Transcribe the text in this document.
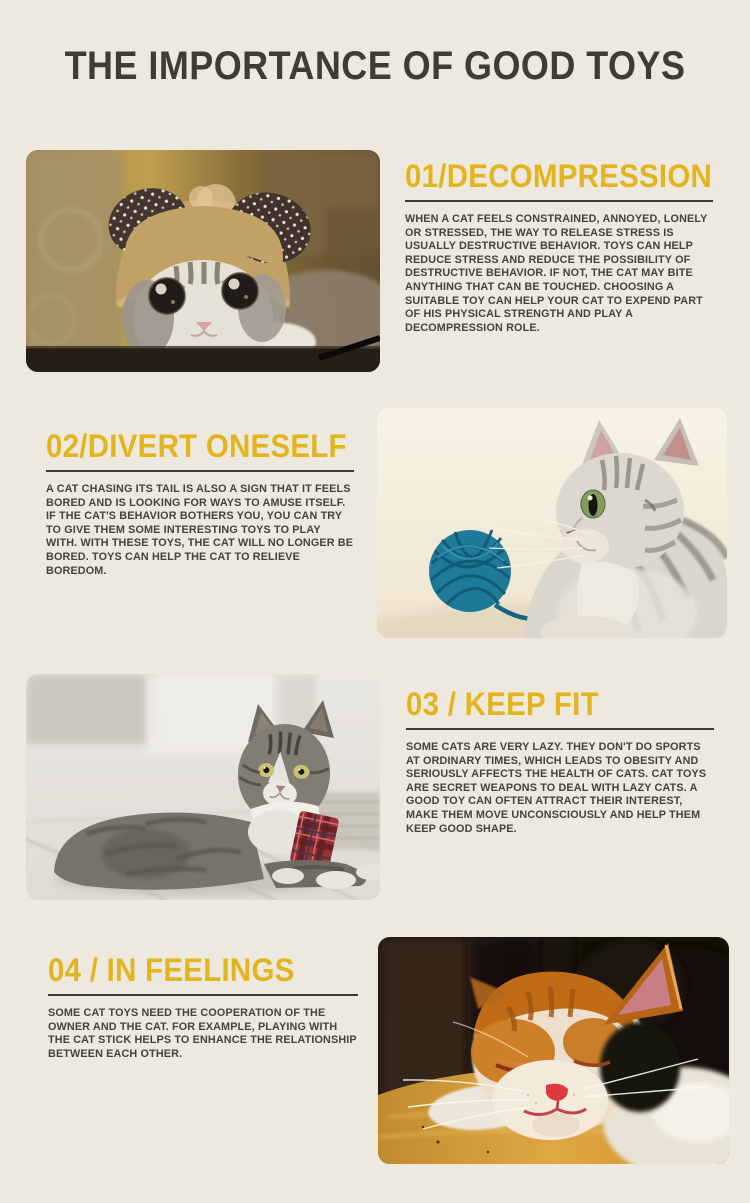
THE IMPORTANCE OF GOOD TOYS
01/DECOMPRESSION

WHEN A CAT FEELS CONSTRAINED, ANNOYED, LONELY OR STRESSED, THE WAY TO RELEASE STRESS IS USUALLY DESTRUCTIVE BEHAVIOR. TOYS CAN HELP REDUCE STRESS AND REDUCE THE POSSIBILITY OF DESTRUCTIVE BEHAVIOR. IF NOT, THE CAT MAY BITE ANYTHING THAT CAN BE TOUCHED. CHOOSING A SUITABLE TOY CAN HELP YOUR CAT TO EXPEND PART OF HIS PHYSICAL STRENGTH AND PLAY A DECOMPRESSION ROLE.

02/DIVERT ONESELF

A CAT CHASING ITS TAIL IS ALSO A SIGN THAT IT FEELS BORED AND IS LOOKING FOR WAYS TO AMUSE ITSELF. IF THE CAT'S BEHAVIOR BOTHERS YOU, YOU CAN TRY TO GIVE THEM SOME INTERESTING TOYS TO PLAY WITH. WITH THESE TOYS, THE CAT WILL NO LONGER BE BORED. TOYS CAN HELP THE CAT TO RELIEVE BOREDOM.

03 / KEEP FIT

SOME CATS ARE VERY LAZY. THEY DON'T DO SPORTS AT ORDINARY TIMES, WHICH LEADS TO OBESITY AND SERIOUSLY AFFECTS THE HEALTH OF CATS. CAT TOYS ARE SECRET WEAPONS TO DEAL WITH LAZY CATS. A GOOD TOY CAN OFTEN ATTRACT THEIR INTEREST, MAKE THEM MOVE UNCONSCIOUSLY AND HELP THEM KEEP GOOD SHAPE.

04 / IN FEELINGS

SOME CAT TOYS NEED THE COOPERATION OF THE OWNER AND THE CAT. FOR EXAMPLE, PLAYING WITH THE CAT STICK HELPS TO ENHANCE THE RELATIONSHIP BETWEEN EACH OTHER.
